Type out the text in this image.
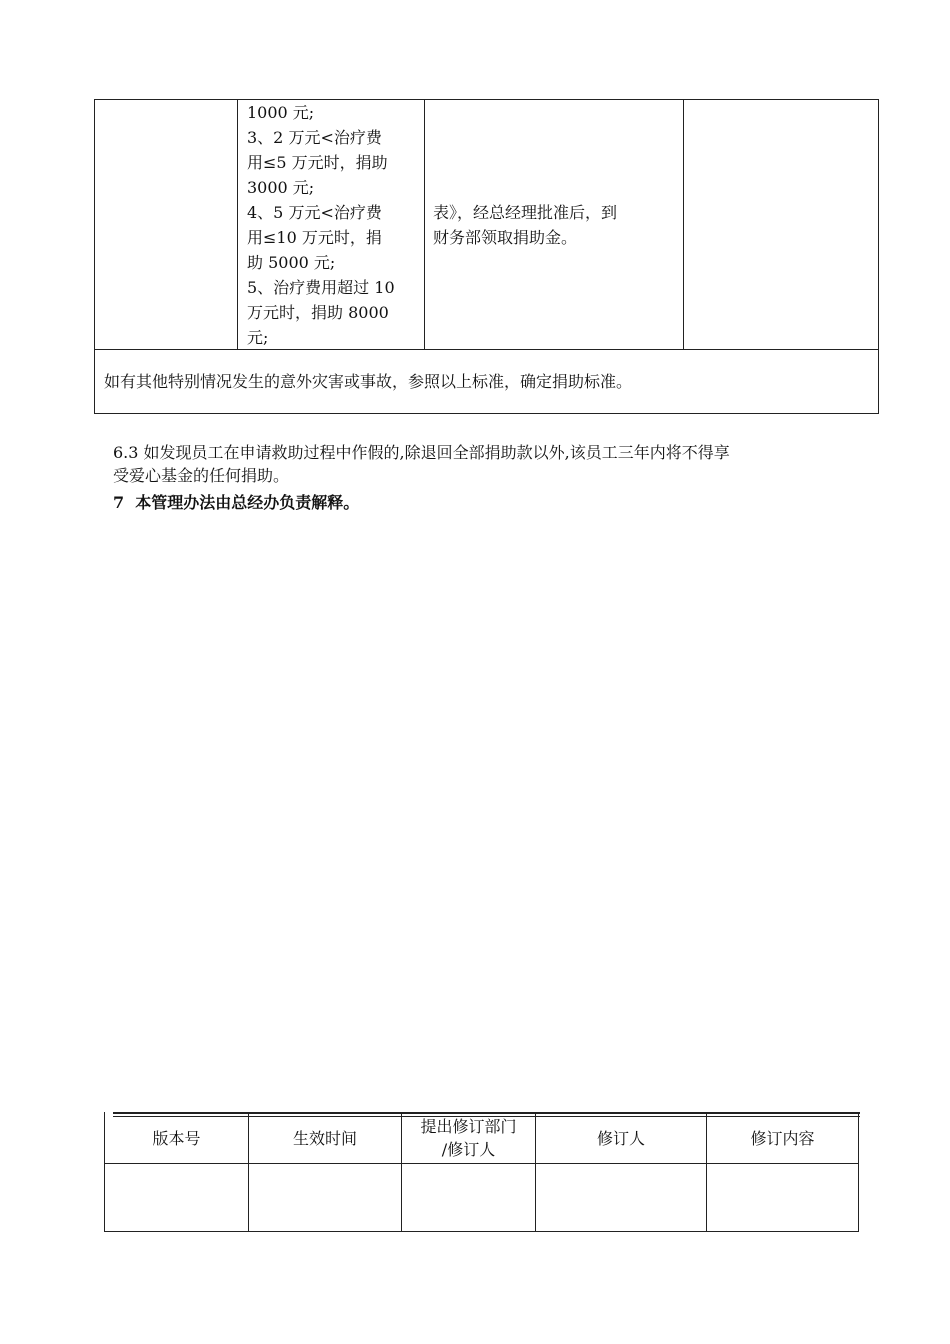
1000 元;
3、2 万元<治疗费
用≤5 万元时，捐助
3000 元;
4、5 万元<治疗费
用≤10 万元时，捐
助 5000 元;
5、治疗费用超过 10
万元时，捐助 8000
元;
表》，经总经理批准后，到
财务部领取捐助金。
如有其他特别情况发生的意外灾害或事故，参照以上标准，确定捐助标准。
6.3 如发现员工在申请救助过程中作假的,除退回全部捐助款以外,该员工三年内将不得享
受爱心基金的任何捐助。
7  本管理办法由总经办负责解释。
版本号	生效时间
提出修订部门
/修订人
修订人	修订内容
